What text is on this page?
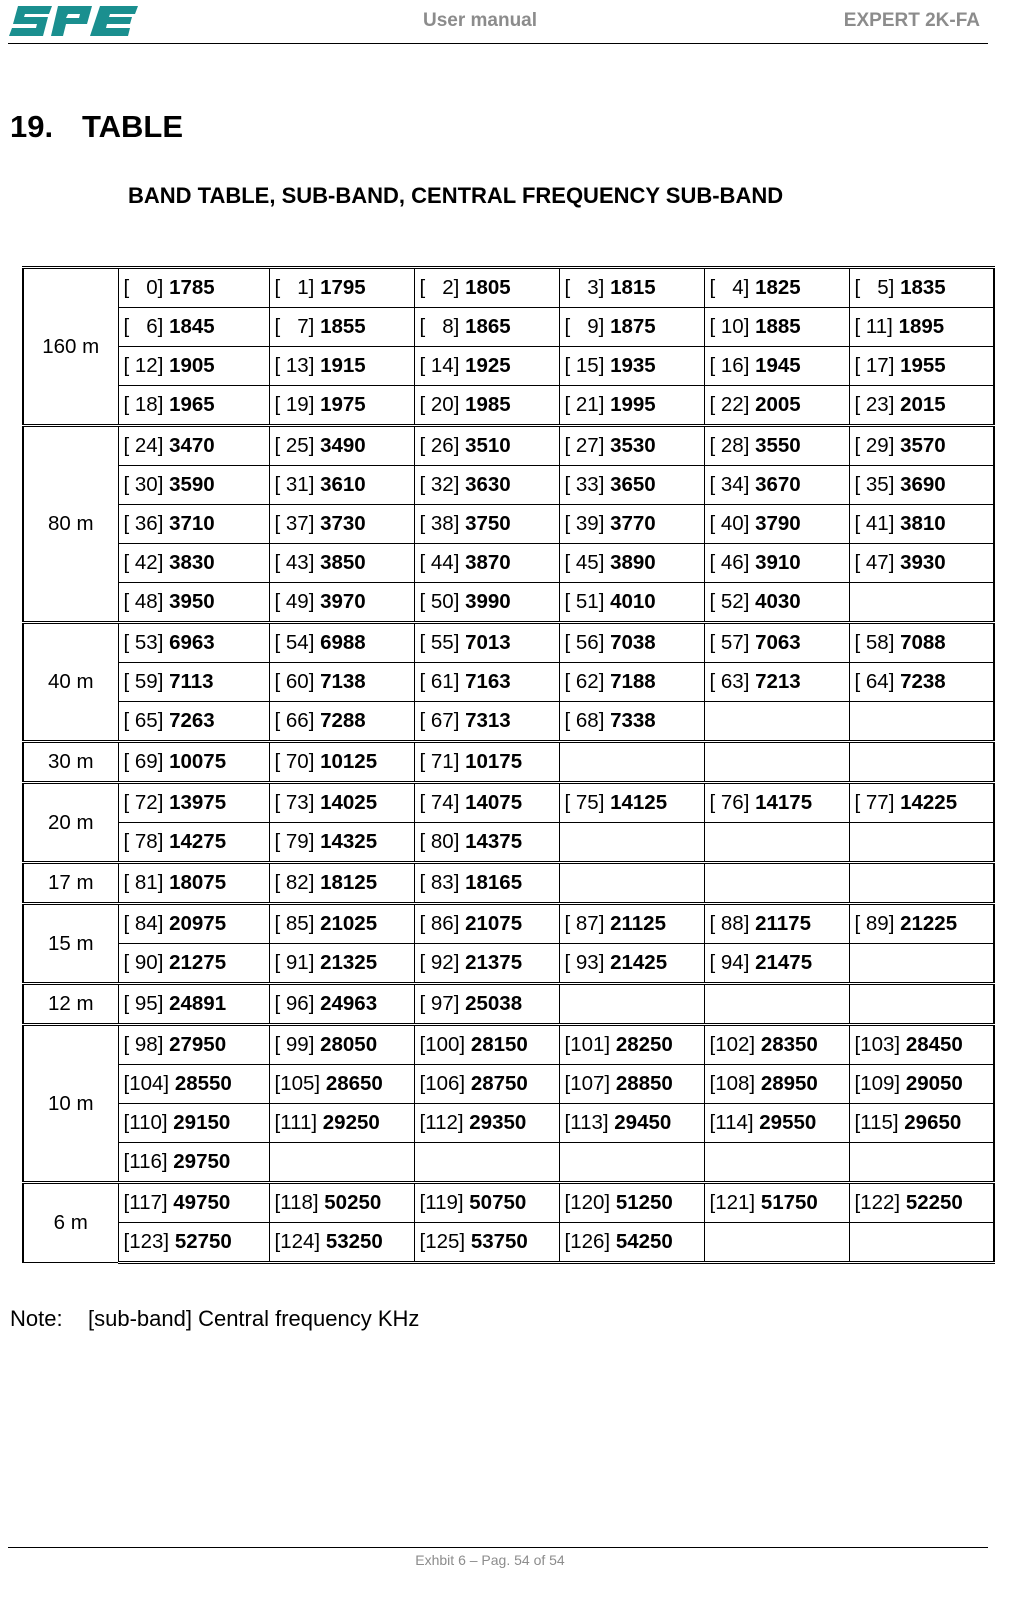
User manual	EXPERT 2K-FA
19. TABLE
BAND TABLE, SUB-BAND, CENTRAL FREQUENCY SUB-BAND
160 m	[   0] 1785	[   1] 1795	[   2] 1805	[   3] 1815	[   4] 1825	[   5] 1835
	[   6] 1845	[   7] 1855	[   8] 1865	[   9] 1875	[ 10] 1885	[ 11] 1895
	[ 12] 1905	[ 13] 1915	[ 14] 1925	[ 15] 1935	[ 16] 1945	[ 17] 1955
	[ 18] 1965	[ 19] 1975	[ 20] 1985	[ 21] 1995	[ 22] 2005	[ 23] 2015
80 m	[ 24] 3470	[ 25] 3490	[ 26] 3510	[ 27] 3530	[ 28] 3550	[ 29] 3570
	[ 30] 3590	[ 31] 3610	[ 32] 3630	[ 33] 3650	[ 34] 3670	[ 35] 3690
	[ 36] 3710	[ 37] 3730	[ 38] 3750	[ 39] 3770	[ 40] 3790	[ 41] 3810
	[ 42] 3830	[ 43] 3850	[ 44] 3870	[ 45] 3890	[ 46] 3910	[ 47] 3930
	[ 48] 3950	[ 49] 3970	[ 50] 3990	[ 51] 4010	[ 52] 4030	
40 m	[ 53] 6963	[ 54] 6988	[ 55] 7013	[ 56] 7038	[ 57] 7063	[ 58] 7088
	[ 59] 7113	[ 60] 7138	[ 61] 7163	[ 62] 7188	[ 63] 7213	[ 64] 7238
	[ 65] 7263	[ 66] 7288	[ 67] 7313	[ 68] 7338		
30 m	[ 69] 10075	[ 70] 10125	[ 71] 10175			
20 m	[ 72] 13975	[ 73] 14025	[ 74] 14075	[ 75] 14125	[ 76] 14175	[ 77] 14225
	[ 78] 14275	[ 79] 14325	[ 80] 14375			
17 m	[ 81] 18075	[ 82] 18125	[ 83] 18165			
15 m	[ 84] 20975	[ 85] 21025	[ 86] 21075	[ 87] 21125	[ 88] 21175	[ 89] 21225
	[ 90] 21275	[ 91] 21325	[ 92] 21375	[ 93] 21425	[ 94] 21475	
12 m	[ 95] 24891	[ 96] 24963	[ 97] 25038			
10 m	[ 98] 27950	[ 99] 28050	[100] 28150	[101] 28250	[102] 28350	[103] 28450
	[104] 28550	[105] 28650	[106] 28750	[107] 28850	[108] 28950	[109] 29050
	[110] 29150	[111] 29250	[112] 29350	[113] 29450	[114] 29550	[115] 29650
	[116] 29750					
6 m	[117] 49750	[118] 50250	[119] 50750	[120] 51250	[121] 51750	[122] 52250
	[123] 52750	[124] 53250	[125] 53750	[126] 54250		
Note: [sub-band] Central frequency KHz
Exhbit 6 – Pag. 54 of 54
